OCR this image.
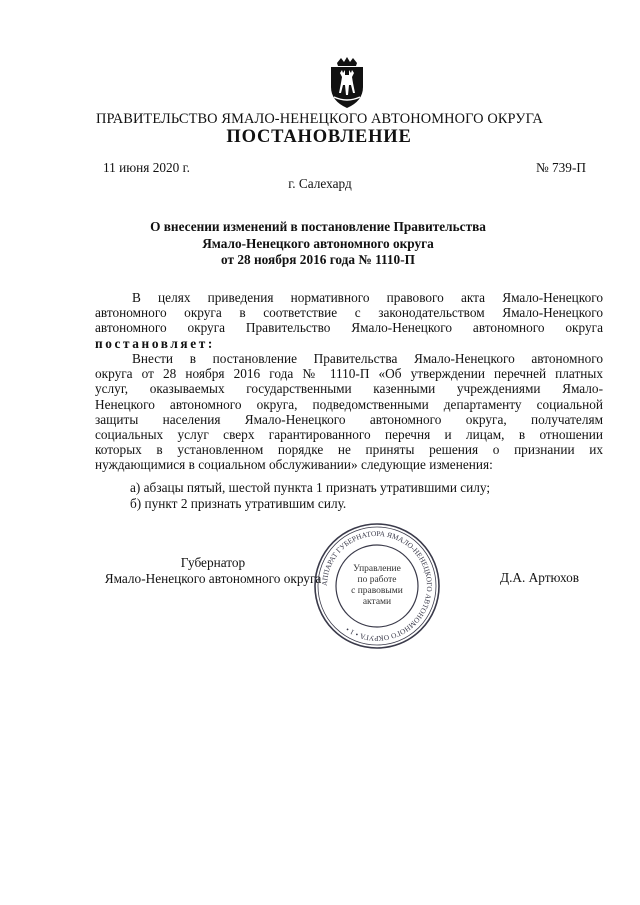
ПРАВИТЕЛЬСТВО ЯМАЛО-НЕНЕЦКОГО АВТОНОМНОГО ОКРУГА
ПОСТАНОВЛЕНИЕ
11 июня 2020 г.	№ 739-П
г. Салехард
О внесении изменений в постановление Правительства
Ямало-Ненецкого автономного округа
от 28 ноября 2016 года № 1110-П
В целях приведения нормативного правового акта Ямало-Ненецкого
автономного округа в соответствие с законодательством Ямало-Ненецкого
автономного округа Правительство Ямало-Ненецкого автономного округа
постановляет:
Внести в постановление Правительства Ямало-Ненецкого автономного
округа от 28 ноября 2016 года № 1110-П «Об утверждении перечней платных
услуг, оказываемых государственными казенными учреждениями Ямало-
Ненецкого автономного округа, подведомственными департаменту социальной
защиты населения Ямало-Ненецкого автономного округа, получателям
социальных услуг сверх гарантированного перечня и лицам, в отношении
которых в установленном порядке не приняты решения о признании их
нуждающимися в социальном обслуживании» следующие изменения:
а) абзацы пятый, шестой пункта 1 признать утратившими силу;
б) пункт 2 признать утратившим силу.
Губернатор
Ямало-Ненецкого автономного округа	Д.А. Артюхов
АППАРАТ ГУБЕРНАТОРА ЯМАЛО-НЕНЕЦКОГО АВТОНОМНОГО ОКРУГА • 1 •
Управление
по работе
с правовыми
актами
